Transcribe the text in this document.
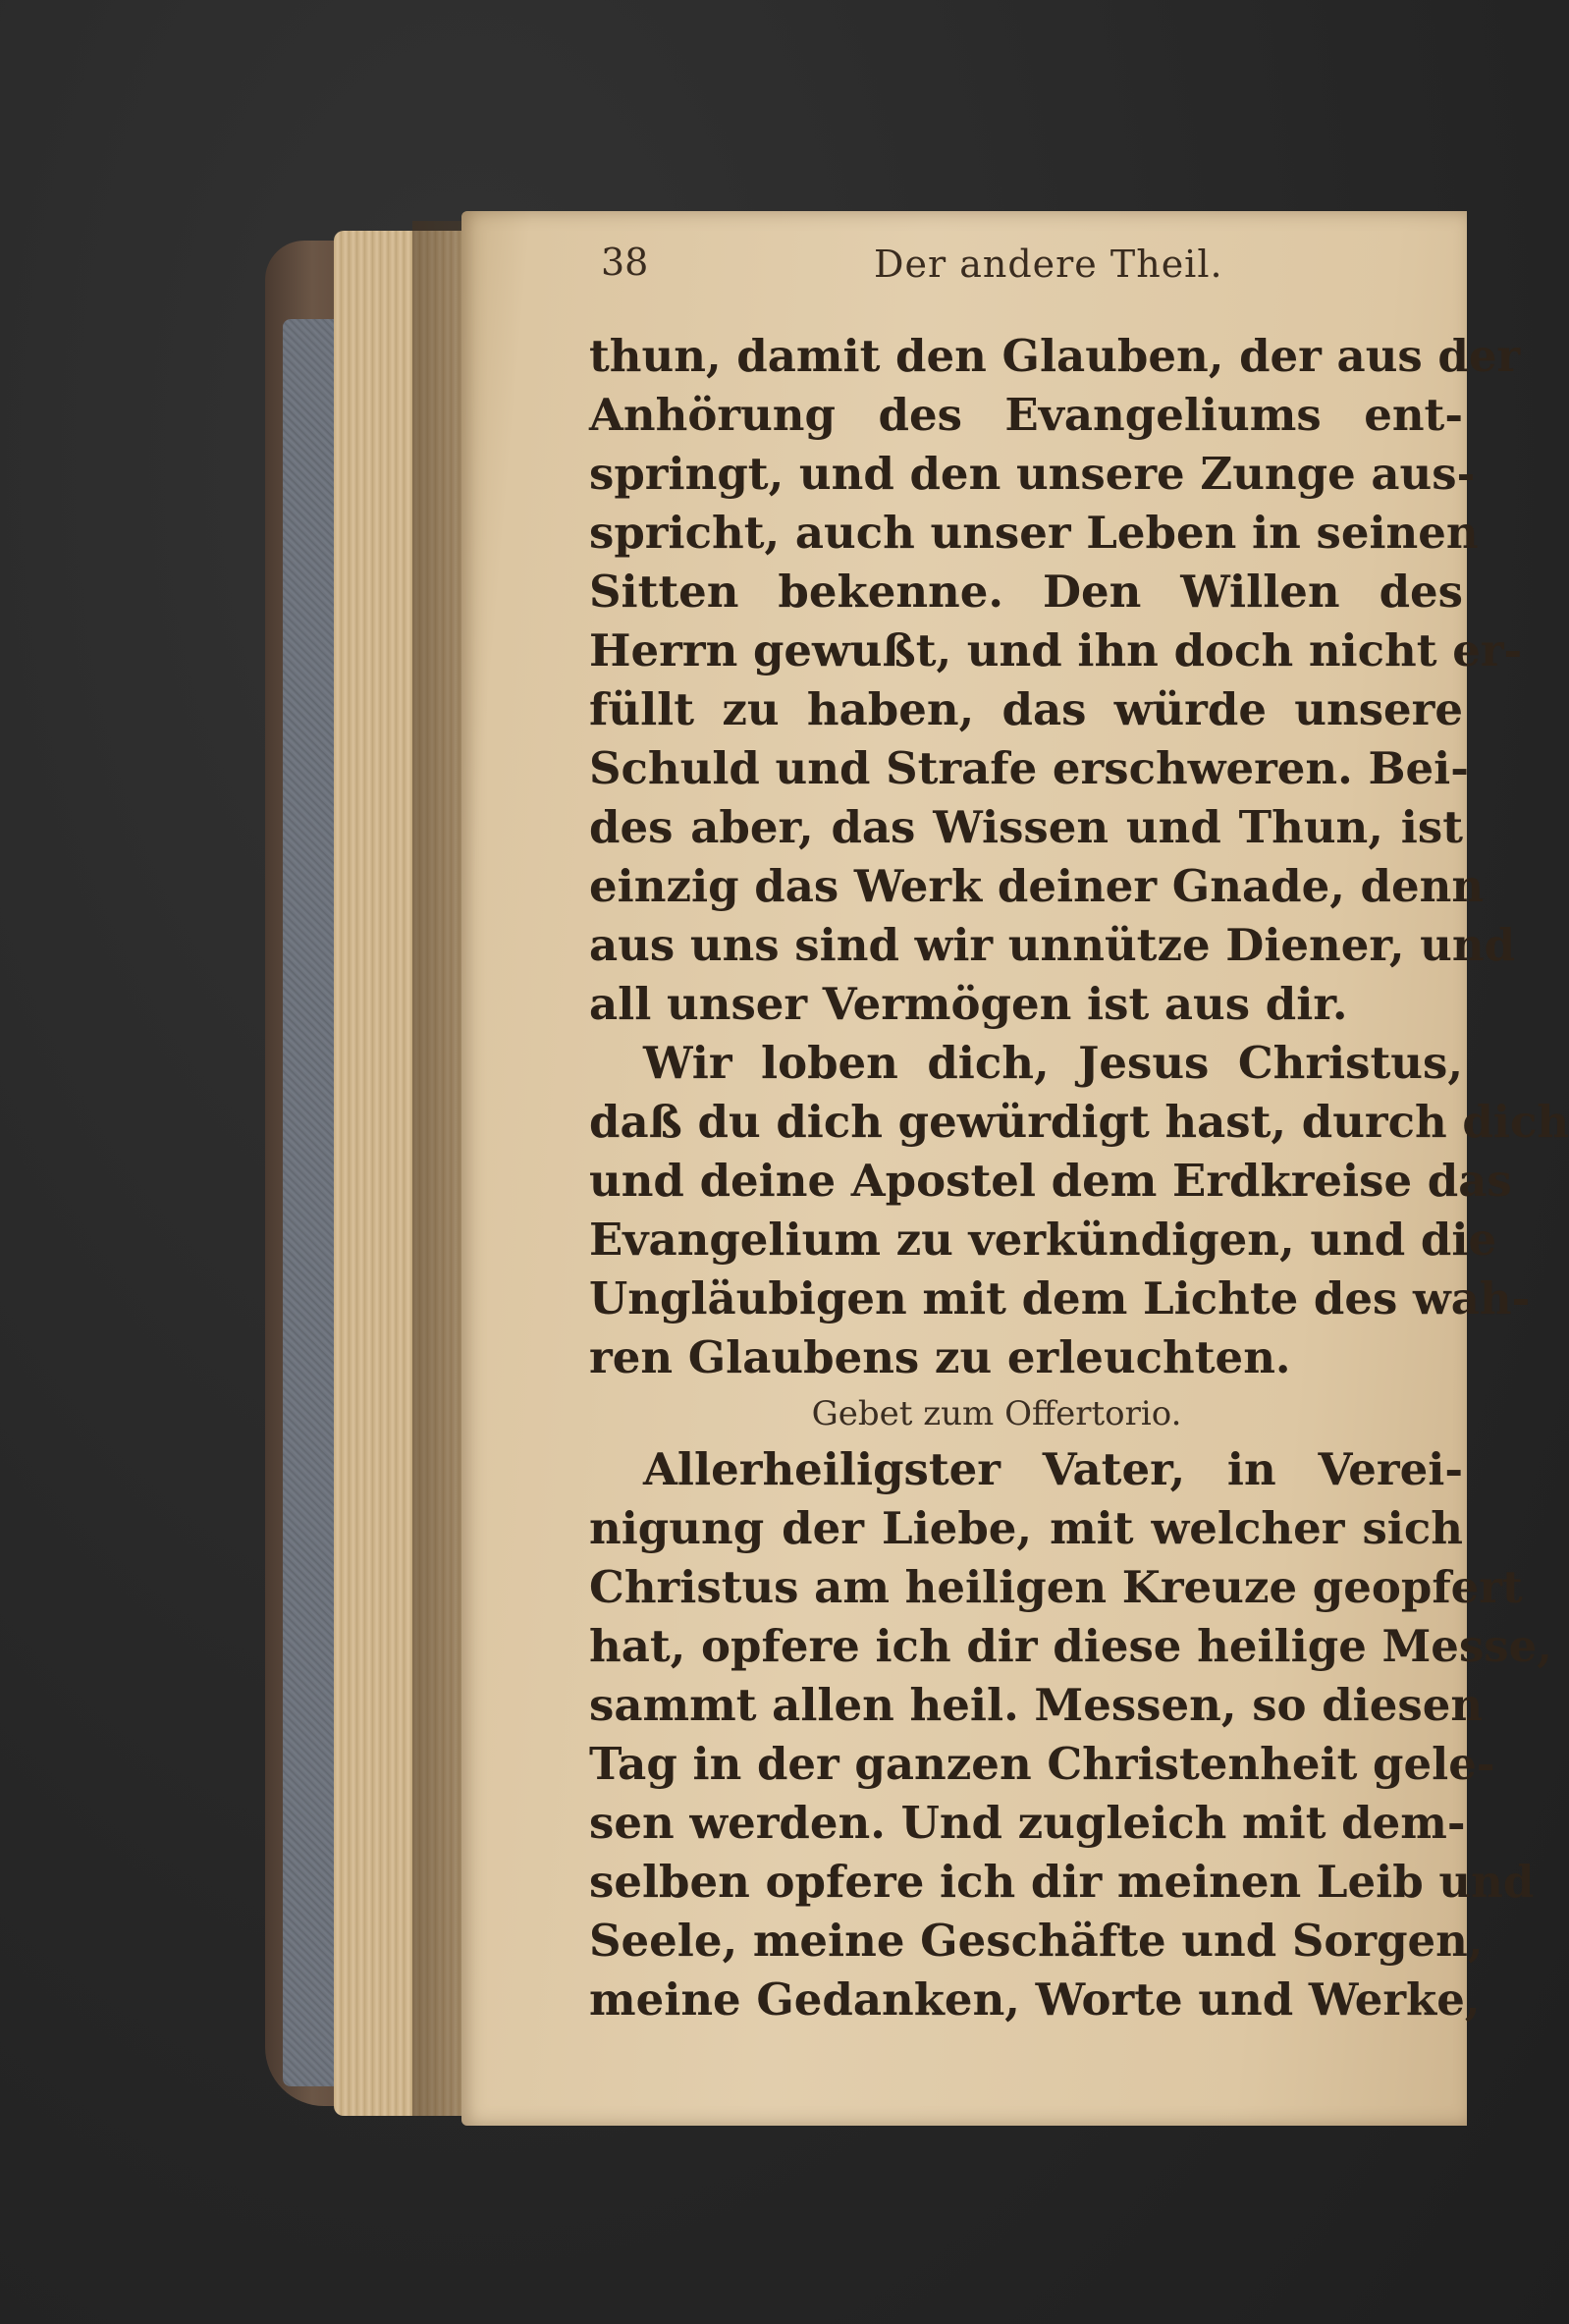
38	Der andere Theil.
thun, damit den Glauben, der aus der
Anhörung des Evangeliums ent-
springt, und den unsere Zunge aus-
spricht, auch unser Leben in seinen
Sitten bekenne. Den Willen des
Herrn gewußt, und ihn doch nicht er-
füllt zu haben, das würde unsere
Schuld und Strafe erschweren. Bei-
des aber, das Wissen und Thun, ist
einzig das Werk deiner Gnade, denn
aus uns sind wir unnütze Diener, und
all unser Vermögen ist aus dir.
Wir loben dich, Jesus Christus,
daß du dich gewürdigt hast, durch dich
und deine Apostel dem Erdkreise das
Evangelium zu verkündigen, und die
Ungläubigen mit dem Lichte des wah-
ren Glaubens zu erleuchten.
Gebet zum Offertorio.
Allerheiligster Vater, in Verei-
nigung der Liebe, mit welcher sich
Christus am heiligen Kreuze geopfert
hat, opfere ich dir diese heilige Messe,
sammt allen heil. Messen, so diesen
Tag in der ganzen Christenheit gele-
sen werden. Und zugleich mit dem-
selben opfere ich dir meinen Leib und
Seele, meine Geschäfte und Sorgen,
meine Gedanken, Worte und Werke,
